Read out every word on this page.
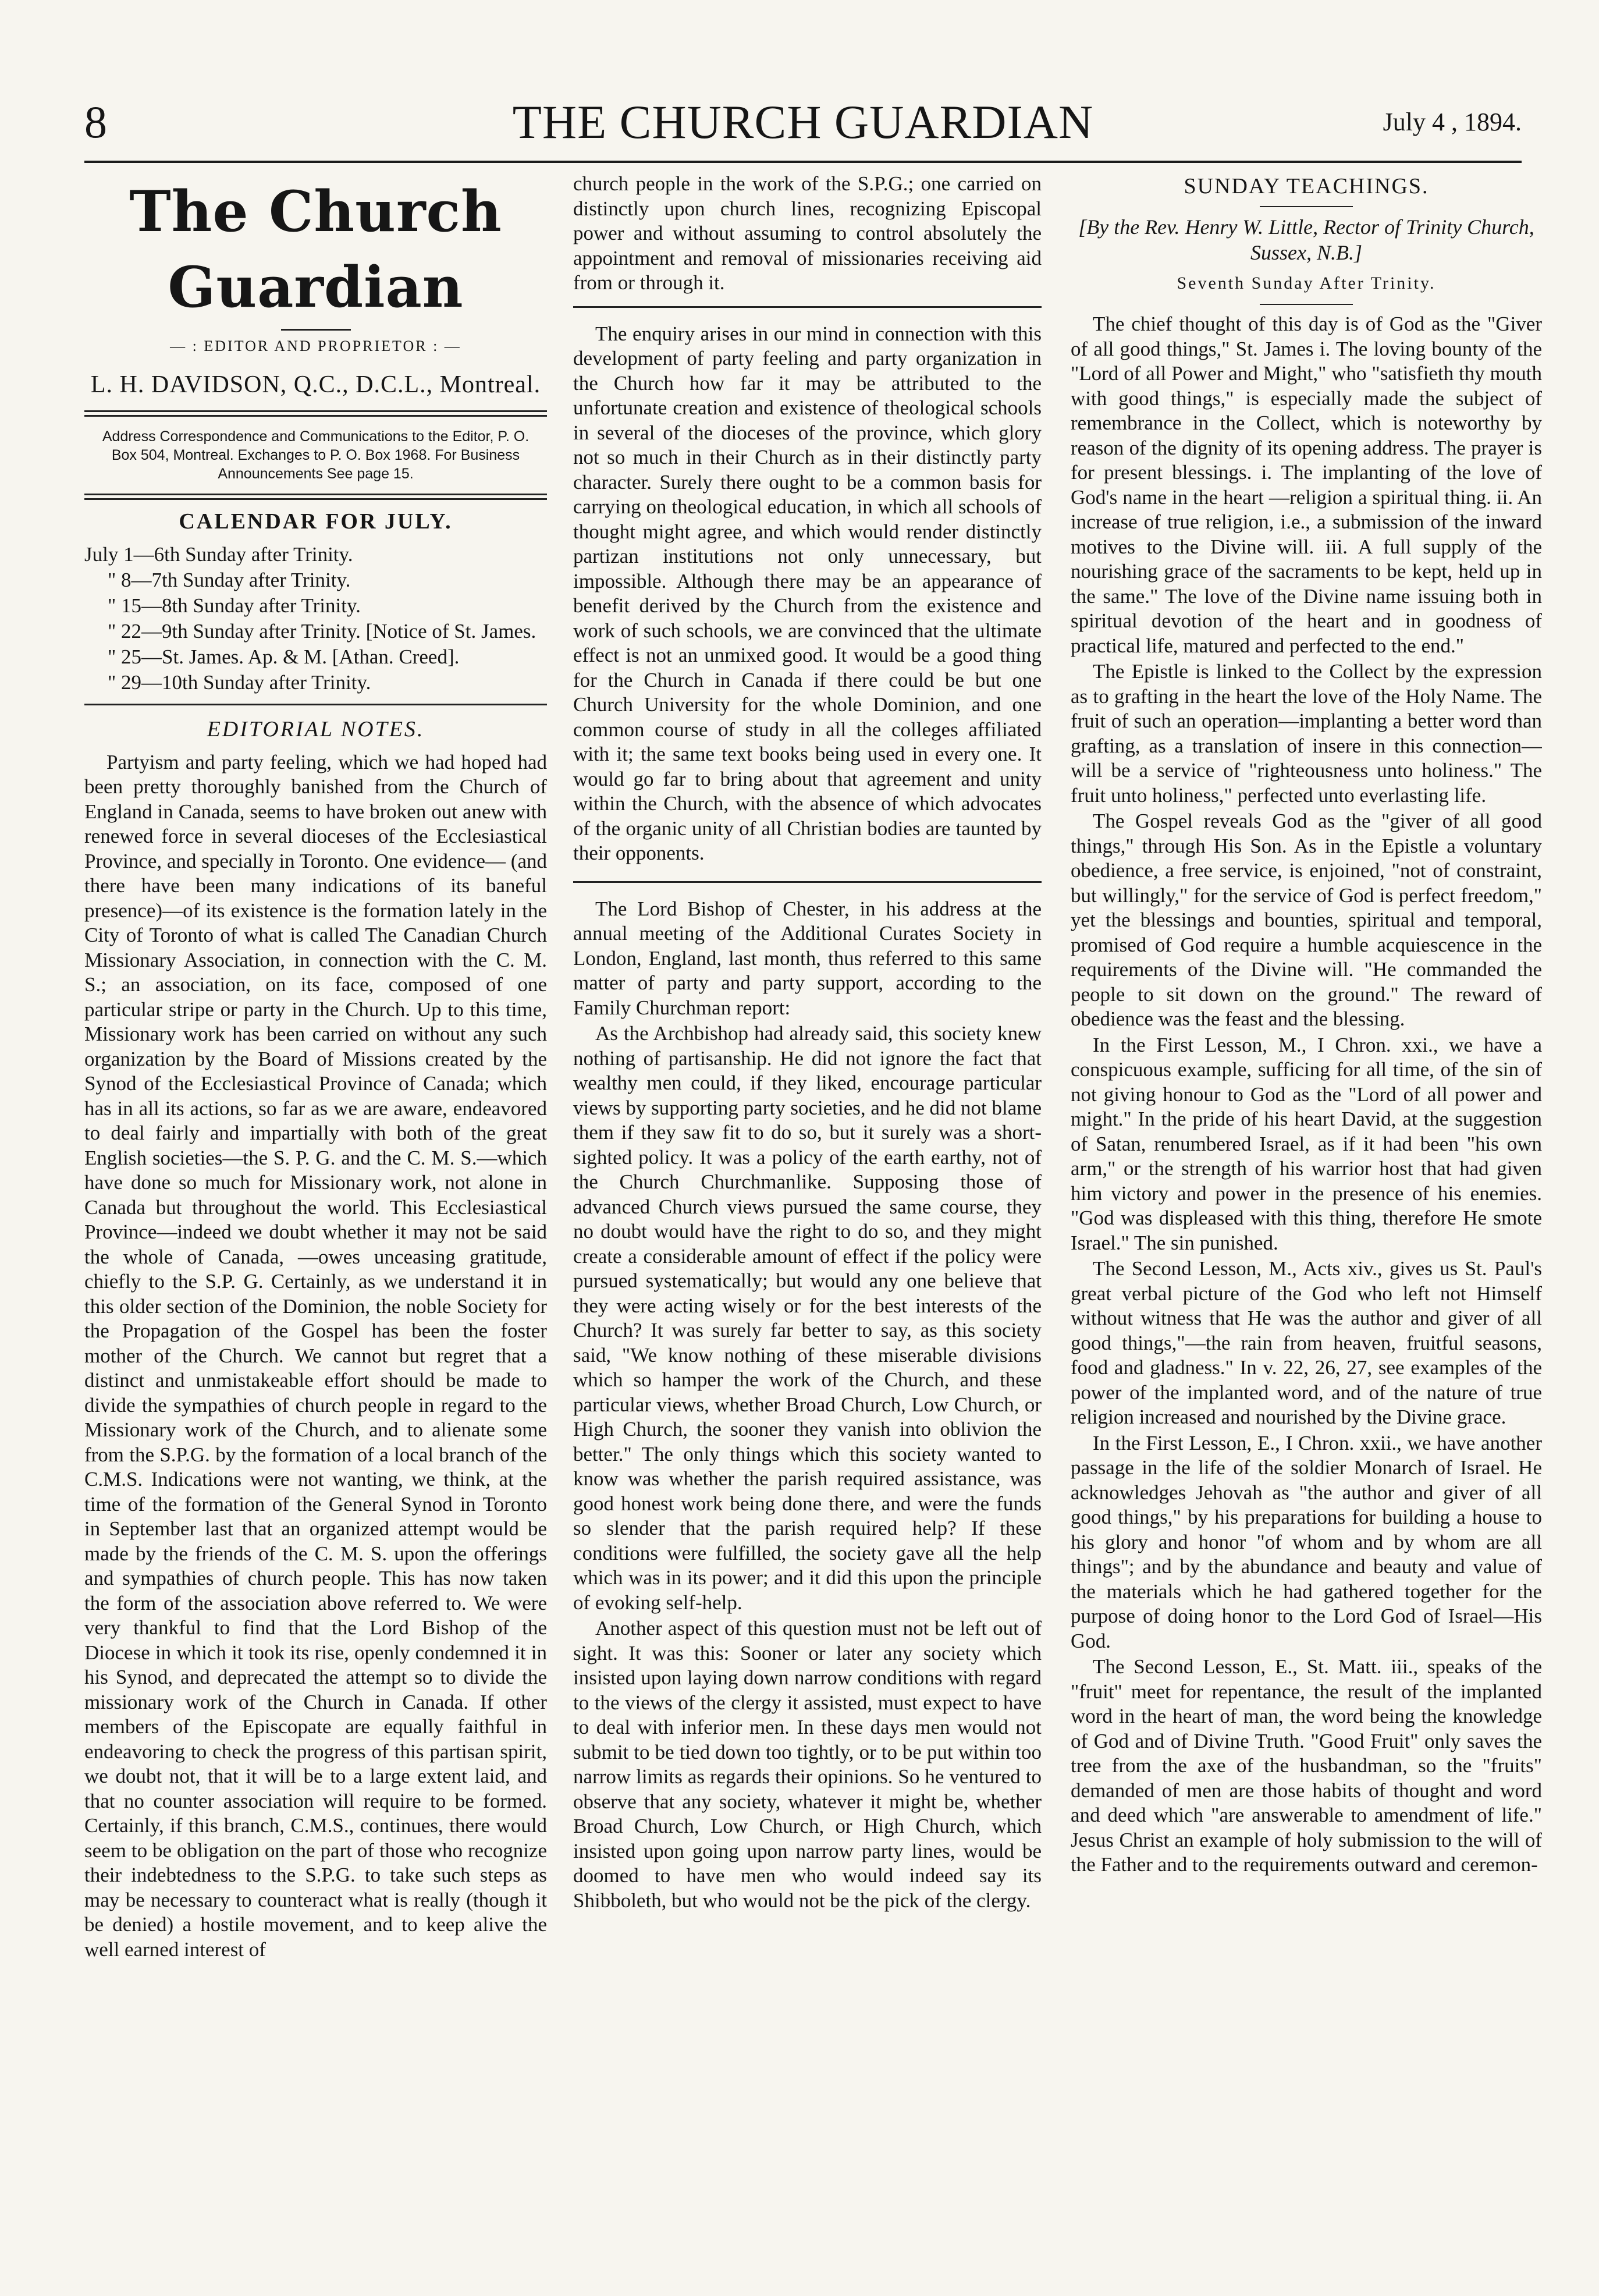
8	THE CHURCH GUARDIAN	July 4 , 1894.
The Church Guardian
— : EDITOR AND PROPRIETOR : —
L. H. DAVIDSON, Q.C., D.C.L., Montreal.
Address Correspondence and Communications to the Editor, P. O. Box 504, Montreal. Exchanges to P. O. Box 1968. For Business Announcements See page 15.
CALENDAR FOR JULY.
July 1—6th Sunday after Trinity.
" 8—7th Sunday after Trinity.
" 15—8th Sunday after Trinity.
" 22—9th Sunday after Trinity. [Notice of St. James.
" 25—St. James. Ap. & M. [Athan. Creed].
" 29—10th Sunday after Trinity.
EDITORIAL NOTES.

Partyism and party feeling, which we had hoped had been pretty thoroughly banished from the Church of England in Canada, seems to have broken out anew with renewed force in several dioceses of the Ecclesiastical Province, and specially in Toronto. One evidence— (and there have been many indications of its baneful presence)—of its existence is the formation lately in the City of Toronto of what is called The Canadian Church Missionary Association, in connection with the C. M. S.; an association, on its face, composed of one particular stripe or party in the Church. Up to this time, Missionary work has been carried on without any such organization by the Board of Missions created by the Synod of the Ecclesiastical Province of Canada; which has in all its actions, so far as we are aware, endeavored to deal fairly and impartially with both of the great English societies—the S. P. G. and the C. M. S.—which have done so much for Missionary work, not alone in Canada but throughout the world. This Ecclesiastical Province—indeed we doubt whether it may not be said the whole of Canada, —owes unceasing gratitude, chiefly to the S.P. G. Certainly, as we understand it in this older section of the Dominion, the noble Society for the Propagation of the Gospel has been the foster mother of the Church. We cannot but regret that a distinct and unmistakeable effort should be made to divide the sympathies of church people in regard to the Missionary work of the Church, and to alienate some from the S.P.G. by the formation of a local branch of the C.M.S. Indications were not wanting, we think, at the time of the formation of the General Synod in Toronto in September last that an organized attempt would be made by the friends of the C. M. S. upon the offerings and sympathies of church people. This has now taken the form of the association above referred to. We were very thankful to find that the Lord Bishop of the Diocese in which it took its rise, openly condemned it in his Synod, and deprecated the attempt so to divide the missionary work of the Church in Canada. If other members of the Episcopate are equally faithful in endeavoring to check the progress of this partisan spirit, we doubt not, that it will be to a large extent laid, and that no counter association will require to be formed. Certainly, if this branch, C.M.S., continues, there would seem to be obligation on the part of those who recognize their indebtedness to the S.P.G. to take such steps as may be necessary to counteract what is really (though it be denied) a hostile movement, and to keep alive the well earned interest of

church people in the work of the S.P.G.; one carried on distinctly upon church lines, recognizing Episcopal power and without assuming to control absolutely the appointment and removal of missionaries receiving aid from or through it.

The enquiry arises in our mind in connection with this development of party feeling and party organization in the Church how far it may be attributed to the unfortunate creation and existence of theological schools in several of the dioceses of the province, which glory not so much in their Church as in their distinctly party character. Surely there ought to be a common basis for carrying on theological education, in which all schools of thought might agree, and which would render distinctly partizan institutions not only unnecessary, but impossible. Although there may be an appearance of benefit derived by the Church from the existence and work of such schools, we are convinced that the ultimate effect is not an unmixed good. It would be a good thing for the Church in Canada if there could be but one Church University for the whole Dominion, and one common course of study in all the colleges affiliated with it; the same text books being used in every one. It would go far to bring about that agreement and unity within the Church, with the absence of which advocates of the organic unity of all Christian bodies are taunted by their opponents.

The Lord Bishop of Chester, in his address at the annual meeting of the Additional Curates Society in London, England, last month, thus referred to this same matter of party and party support, according to the Family Churchman report:

As the Archbishop had already said, this society knew nothing of partisanship. He did not ignore the fact that wealthy men could, if they liked, encourage particular views by supporting party societies, and he did not blame them if they saw fit to do so, but it surely was a short-sighted policy. It was a policy of the earth earthy, not of the Church Churchmanlike. Supposing those of advanced Church views pursued the same course, they no doubt would have the right to do so, and they might create a considerable amount of effect if the policy were pursued systematically; but would any one believe that they were acting wisely or for the best interests of the Church? It was surely far better to say, as this society said, "We know nothing of these miserable divisions which so hamper the work of the Church, and these particular views, whether Broad Church, Low Church, or High Church, the sooner they vanish into oblivion the better." The only things which this society wanted to know was whether the parish required assistance, was good honest work being done there, and were the funds so slender that the parish required help? If these conditions were fulfilled, the society gave all the help which was in its power; and it did this upon the principle of evoking self-help.

Another aspect of this question must not be left out of sight. It was this: Sooner or later any society which insisted upon laying down narrow conditions with regard to the views of the clergy it assisted, must expect to have to deal with inferior men. In these days men would not submit to be tied down too tightly, or to be put within too narrow limits as regards their opinions. So he ventured to observe that any society, whatever it might be, whether Broad Church, Low Church, or High Church, which insisted upon going upon narrow party lines, would be doomed to have men who would indeed say its Shibboleth, but who would not be the pick of the clergy.

SUNDAY TEACHINGS.
[By the Rev. Henry W. Little, Rector of Trinity Church, Sussex, N.B.]
Seventh Sunday After Trinity.

The chief thought of this day is of God as the "Giver of all good things," St. James i. The loving bounty of the "Lord of all Power and Might," who "satisfieth thy mouth with good things," is especially made the subject of remembrance in the Collect, which is noteworthy by reason of the dignity of its opening address. The prayer is for present blessings. i. The implanting of the love of God's name in the heart —religion a spiritual thing. ii. An increase of true religion, i.e., a submission of the inward motives to the Divine will. iii. A full supply of the nourishing grace of the sacraments to be kept, held up in the same." The love of the Divine name issuing both in spiritual devotion of the heart and in goodness of practical life, matured and perfected to the end."

The Epistle is linked to the Collect by the expression as to grafting in the heart the love of the Holy Name. The fruit of such an operation—implanting a better word than grafting, as a translation of insere in this connection—will be a service of "righteousness unto holiness." The fruit unto holiness," perfected unto everlasting life.

The Gospel reveals God as the "giver of all good things," through His Son. As in the Epistle a voluntary obedience, a free service, is enjoined, "not of constraint, but willingly," for the service of God is perfect freedom," yet the blessings and bounties, spiritual and temporal, promised of God require a humble acquiescence in the requirements of the Divine will. "He commanded the people to sit down on the ground." The reward of obedience was the feast and the blessing.

In the First Lesson, M., I Chron. xxi., we have a conspicuous example, sufficing for all time, of the sin of not giving honour to God as the "Lord of all power and might." In the pride of his heart David, at the suggestion of Satan, renumbered Israel, as if it had been "his own arm," or the strength of his warrior host that had given him victory and power in the presence of his enemies. "God was displeased with this thing, therefore He smote Israel." The sin punished.

The Second Lesson, M., Acts xiv., gives us St. Paul's great verbal picture of the God who left not Himself without witness that He was the author and giver of all good things,"—the rain from heaven, fruitful seasons, food and gladness." In v. 22, 26, 27, see examples of the power of the implanted word, and of the nature of true religion increased and nourished by the Divine grace.

In the First Lesson, E., I Chron. xxii., we have another passage in the life of the soldier Monarch of Israel. He acknowledges Jehovah as "the author and giver of all good things," by his preparations for building a house to his glory and honor "of whom and by whom are all things"; and by the abundance and beauty and value of the materials which he had gathered together for the purpose of doing honor to the Lord God of Israel—His God.

The Second Lesson, E., St. Matt. iii., speaks of the "fruit" meet for repentance, the result of the implanted word in the heart of man, the word being the knowledge of God and of Divine Truth. "Good Fruit" only saves the tree from the axe of the husbandman, so the "fruits" demanded of men are those habits of thought and word and deed which "are answerable to amendment of life." Jesus Christ an example of holy submission to the will of the Father and to the requirements outward and ceremon-
